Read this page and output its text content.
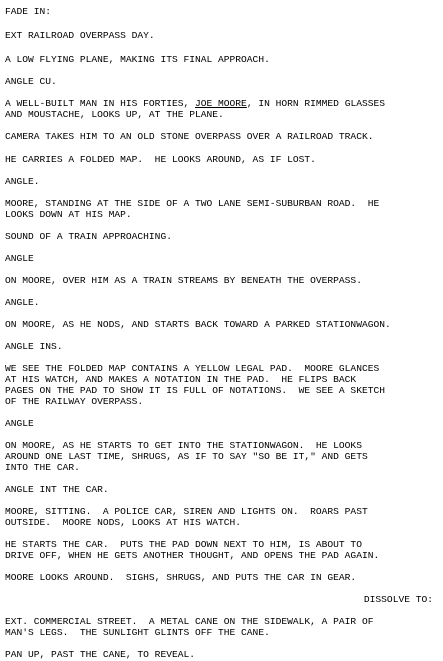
FADE IN:

EXT RAILROAD OVERPASS DAY.

A LOW FLYING PLANE, MAKING ITS FINAL APPROACH.

ANGLE CU.

A WELL-BUILT MAN IN HIS FORTIES, JOE MOORE, IN HORN RIMMED GLASSES

AND MOUSTACHE, LOOKS UP, AT THE PLANE.

CAMERA TAKES HIM TO AN OLD STONE OVERPASS OVER A RAILROAD TRACK.

HE CARRIES A FOLDED MAP.  HE LOOKS AROUND, AS IF LOST.

ANGLE.

MOORE, STANDING AT THE SIDE OF A TWO LANE SEMI-SUBURBAN ROAD.  HE

LOOKS DOWN AT HIS MAP.

SOUND OF A TRAIN APPROACHING.

ANGLE

ON MOORE, OVER HIM AS A TRAIN STREAMS BY BENEATH THE OVERPASS.

ANGLE.

ON MOORE, AS HE NODS, AND STARTS BACK TOWARD A PARKED STATIONWAGON.

ANGLE INS.

WE SEE THE FOLDED MAP CONTAINS A YELLOW LEGAL PAD.  MOORE GLANCES

AT HIS WATCH, AND MAKES A NOTATION IN THE PAD.  HE FLIPS BACK

PAGES ON THE PAD TO SHOW IT IS FULL OF NOTATIONS.  WE SEE A SKETCH

OF THE RAILWAY OVERPASS.

ANGLE

ON MOORE, AS HE STARTS TO GET INTO THE STATIONWAGON.  HE LOOKS

AROUND ONE LAST TIME, SHRUGS, AS IF TO SAY "SO BE IT," AND GETS

INTO THE CAR.

ANGLE INT THE CAR.

MOORE, SITTING.  A POLICE CAR, SIREN AND LIGHTS ON.  ROARS PAST

OUTSIDE.  MOORE NODS, LOOKS AT HIS WATCH.

HE STARTS THE CAR.  PUTS THE PAD DOWN NEXT TO HIM, IS ABOUT TO

DRIVE OFF, WHEN HE GETS ANOTHER THOUGHT, AND OPENS THE PAD AGAIN.

MOORE LOOKS AROUND.  SIGHS, SHRUGS, AND PUTS THE CAR IN GEAR.

DISSOLVE TO:

EXT. COMMERCIAL STREET.  A METAL CANE ON THE SIDEWALK, A PAIR OF

MAN'S LEGS.  THE SUNLIGHT GLINTS OFF THE CANE.

PAN UP, PAST THE CANE, TO REVEAL.
